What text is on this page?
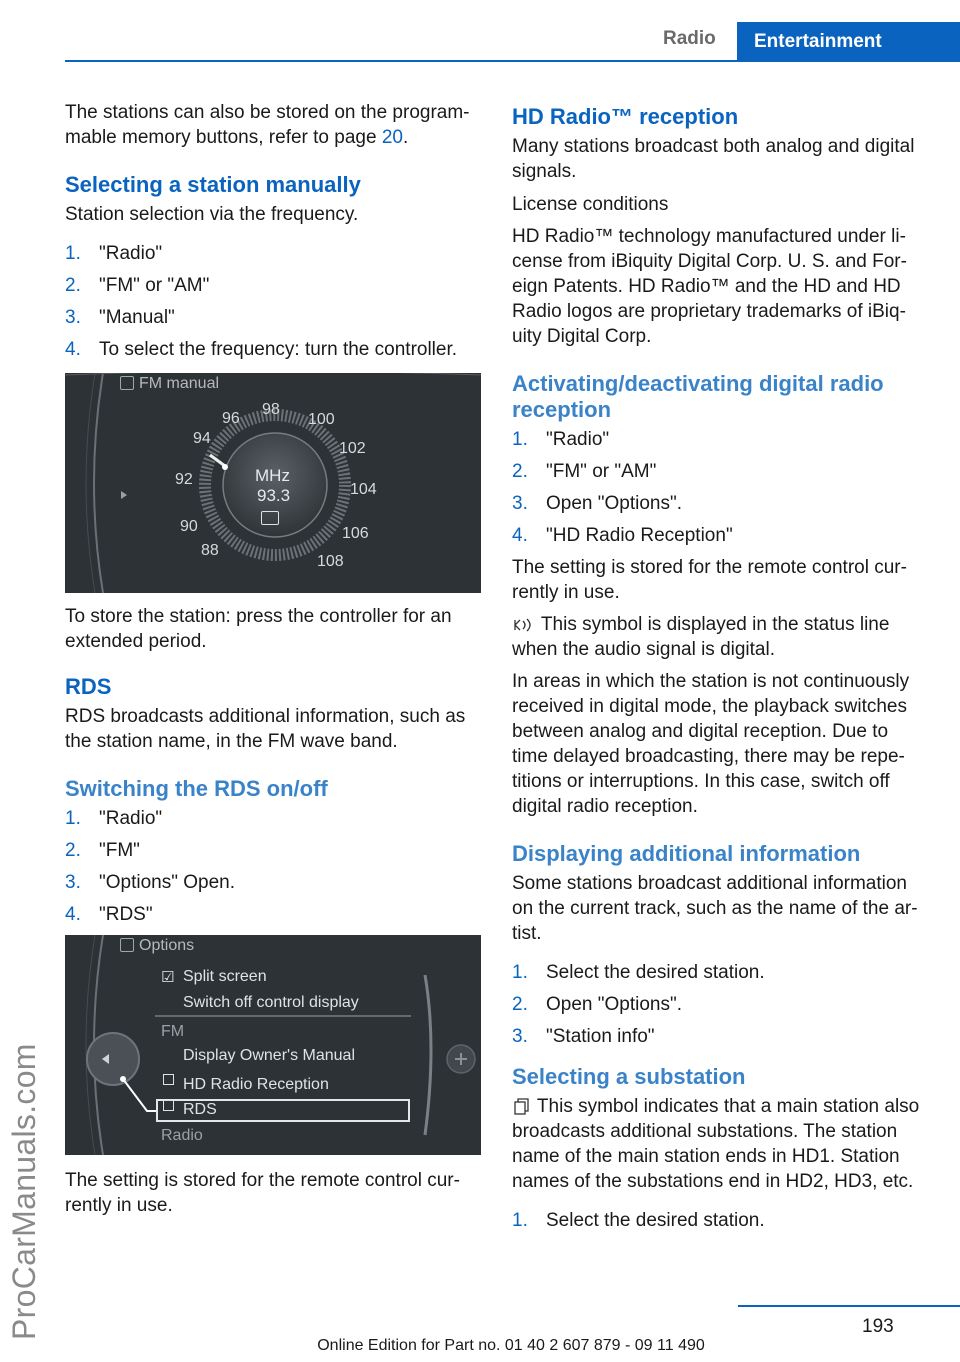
Radio	Entertainment
ProCarManuals.com

The stations can also be stored on the program-mable memory buttons, refer to page 20.

Selecting a station manually

Station selection via the frequency.

1. "Radio"
2. "FM" or "AM"
3. "Manual"
4. To select the frequency: turn the controller.
FM manual
MHz
93.3
88
90
92
94
96
98
100
102
104
106
108

To store the station: press the controller for an extended period.

RDS

RDS broadcasts additional information, such as the station name, in the FM wave band.

Switching the RDS on/off
1. "Radio"
2. "FM"
3. "Options" Open.
4. "RDS"
Options
☑ Split screen
Switch off control display
FM
Display Owner's Manual
HD Radio Reception
RDS
Radio

The setting is stored for the remote control cur-rently in use.

HD Radio™ reception

Many stations broadcast both analog and digital signals.

License conditions

HD Radio™ technology manufactured under li-cense from iBiquity Digital Corp. U. S. and For-eign Patents. HD Radio™ and the HD and HD Radio logos are proprietary trademarks of iBiq-uity Digital Corp.

Activating/deactivating digital radio reception
1. "Radio"
2. "FM" or "AM"
3. Open "Options".
4. "HD Radio Reception"

The setting is stored for the remote control cur-rently in use.

This symbol is displayed in the status line when the audio signal is digital.

In areas in which the station is not continuously received in digital mode, the playback switches between analog and digital reception. Due to time delayed broadcasting, there may be repe-titions or interruptions. In this case, switch off digital radio reception.

Displaying additional information

Some stations broadcast additional information on the current track, such as the name of the ar-tist.

1. Select the desired station.
2. Open "Options".
3. "Station info"
Selecting a substation

This symbol indicates that a main station also broadcasts additional substations. The station name of the main station ends in HD1. Station names of the substations end in HD2, HD3, etc.

1. Select the desired station.
193
Online Edition for Part no. 01 40 2 607 879 - 09 11 490
